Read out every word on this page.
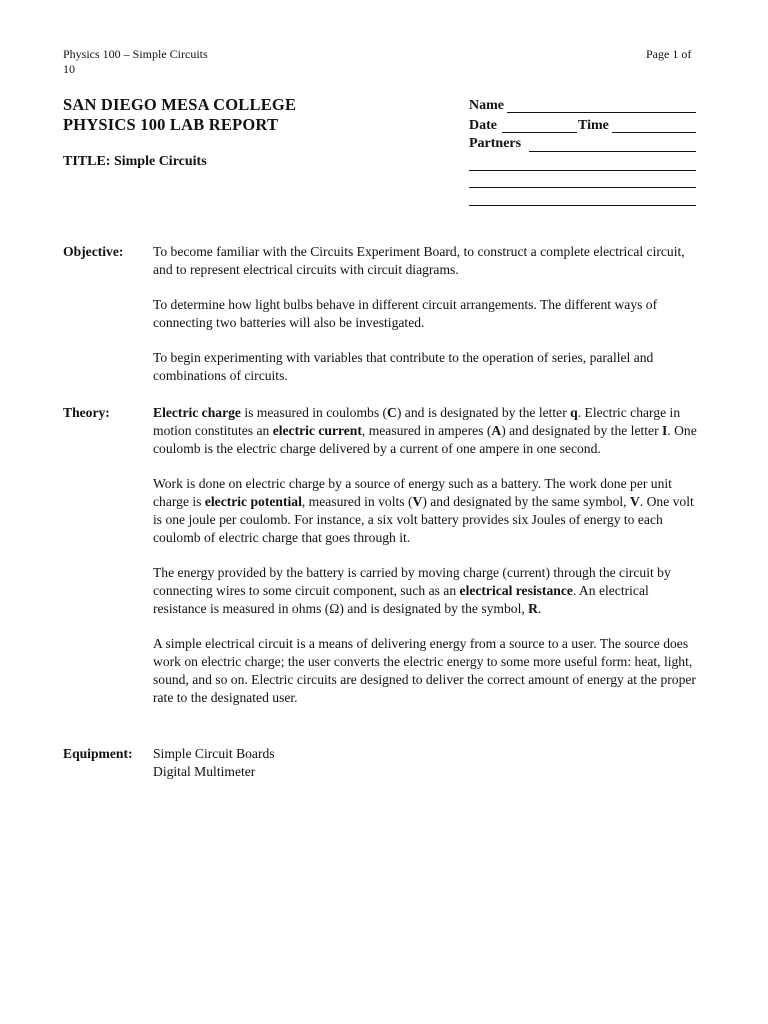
Physics 100 – Simple Circuits
10
Page 1 of
SAN DIEGO MESA COLLEGE
PHYSICS 100 LAB REPORT
TITLE: Simple Circuits
Name
Date	Time
Partners
Objective: To become familiar with the Circuits Experiment Board, to construct a complete electrical circuit, and to represent electrical circuits with circuit diagrams.

To determine how light bulbs behave in different circuit arrangements. The different ways of connecting two batteries will also be investigated.

To begin experimenting with variables that contribute to the operation of series, parallel and combinations of circuits.

Theory:	Electric charge is measured in coulombs (C) and is designated by the letter q. Electric charge in motion constitutes an electric current, measured in amperes (A) and designated by the letter I. One coulomb is the electric charge delivered by a current of one ampere in one second.

Work is done on electric charge by a source of energy such as a battery. The work done per unit charge is electric potential, measured in volts (V) and designated by the same symbol, V. One volt is one joule per coulomb. For instance, a six volt battery provides six Joules of energy to each coulomb of electric charge that goes through it.

The energy provided by the battery is carried by moving charge (current) through the circuit by connecting wires to some circuit component, such as an electrical resistance. An electrical resistance is measured in ohms (Ω) and is designated by the symbol, R.

A simple electrical circuit is a means of delivering energy from a source to a user. The source does work on electric charge; the user converts the electric energy to some more useful form: heat, light, sound, and so on. Electric circuits are designed to deliver the correct amount of energy at the proper rate to the designated user.

Equipment: Simple Circuit Boards
Digital Multimeter
